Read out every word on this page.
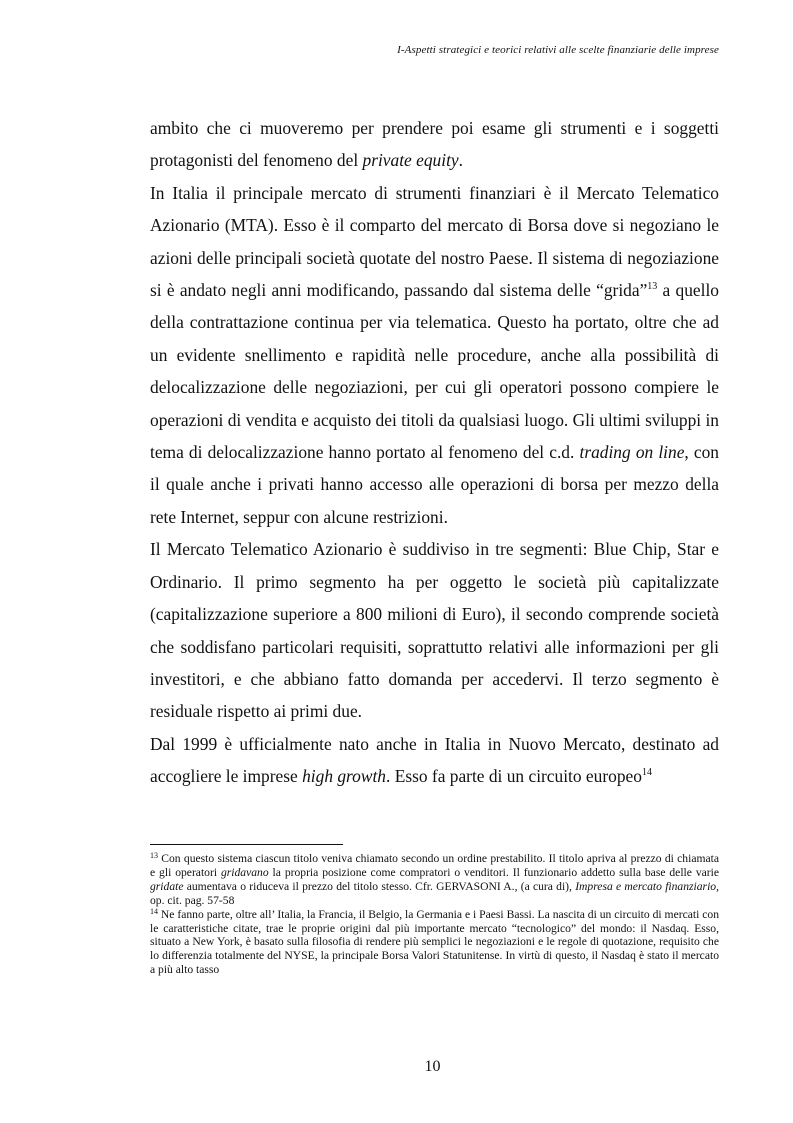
I-Aspetti strategici e teorici relativi alle scelte finanziarie delle imprese

ambito che ci muoveremo per prendere poi esame gli strumenti e i soggetti protagonisti del fenomeno del private equity.

In Italia il principale mercato di strumenti finanziari è il Mercato Telematico Azionario (MTA). Esso è il comparto del mercato di Borsa dove si negoziano le azioni delle principali società quotate del nostro Paese. Il sistema di negoziazione si è andato negli anni modificando, passando dal sistema delle “grida”$^{13}$ a quello della contrattazione continua per via telematica. Questo ha portato, oltre che ad un evidente snellimento e rapidità nelle procedure, anche alla possibilità di delocalizzazione delle negoziazioni, per cui gli operatori possono compiere le operazioni di vendita e acquisto dei titoli da qualsiasi luogo. Gli ultimi sviluppi in tema di delocalizzazione hanno portato al fenomeno del c.d. trading on line, con il quale anche i privati hanno accesso alle operazioni di borsa per mezzo della rete Internet, seppur con alcune restrizioni.

Il Mercato Telematico Azionario è suddiviso in tre segmenti: Blue Chip, Star e Ordinario. Il primo segmento ha per oggetto le società più capitalizzate (capitalizzazione superiore a 800 milioni di Euro), il secondo comprende società che soddisfano particolari requisiti, soprattutto relativi alle informazioni per gli investitori, e che abbiano fatto domanda per accedervi. Il terzo segmento è residuale rispetto ai primi due.

Dal 1999 è ufficialmente nato anche in Italia in Nuovo Mercato, destinato ad accogliere le imprese high growth. Esso fa parte di un circuito europeo$^{14}$

$^{13}$ Con questo sistema ciascun titolo veniva chiamato secondo un ordine prestabilito. Il titolo apriva al prezzo di chiamata e gli operatori gridavano la propria posizione come compratori o venditori. Il funzionario addetto sulla base delle varie gridate aumentava o riduceva il prezzo del titolo stesso. Cfr. GERVASONI A., (a cura di), Impresa e mercato finanziario, op. cit. pag. 57-58

$^{14}$ Ne fanno parte, oltre all’ Italia, la Francia, il Belgio, la Germania e i Paesi Bassi. La nascita di un circuito di mercati con le caratteristiche citate, trae le proprie origini dal più importante mercato “tecnologico” del mondo: il Nasdaq. Esso, situato a New York, è basato sulla filosofia di rendere più semplici le negoziazioni e le regole di quotazione, requisito che lo differenzia totalmente del NYSE, la principale Borsa Valori Statunitense. In virtù di questo, il Nasdaq è stato il mercato a più alto tasso

10
